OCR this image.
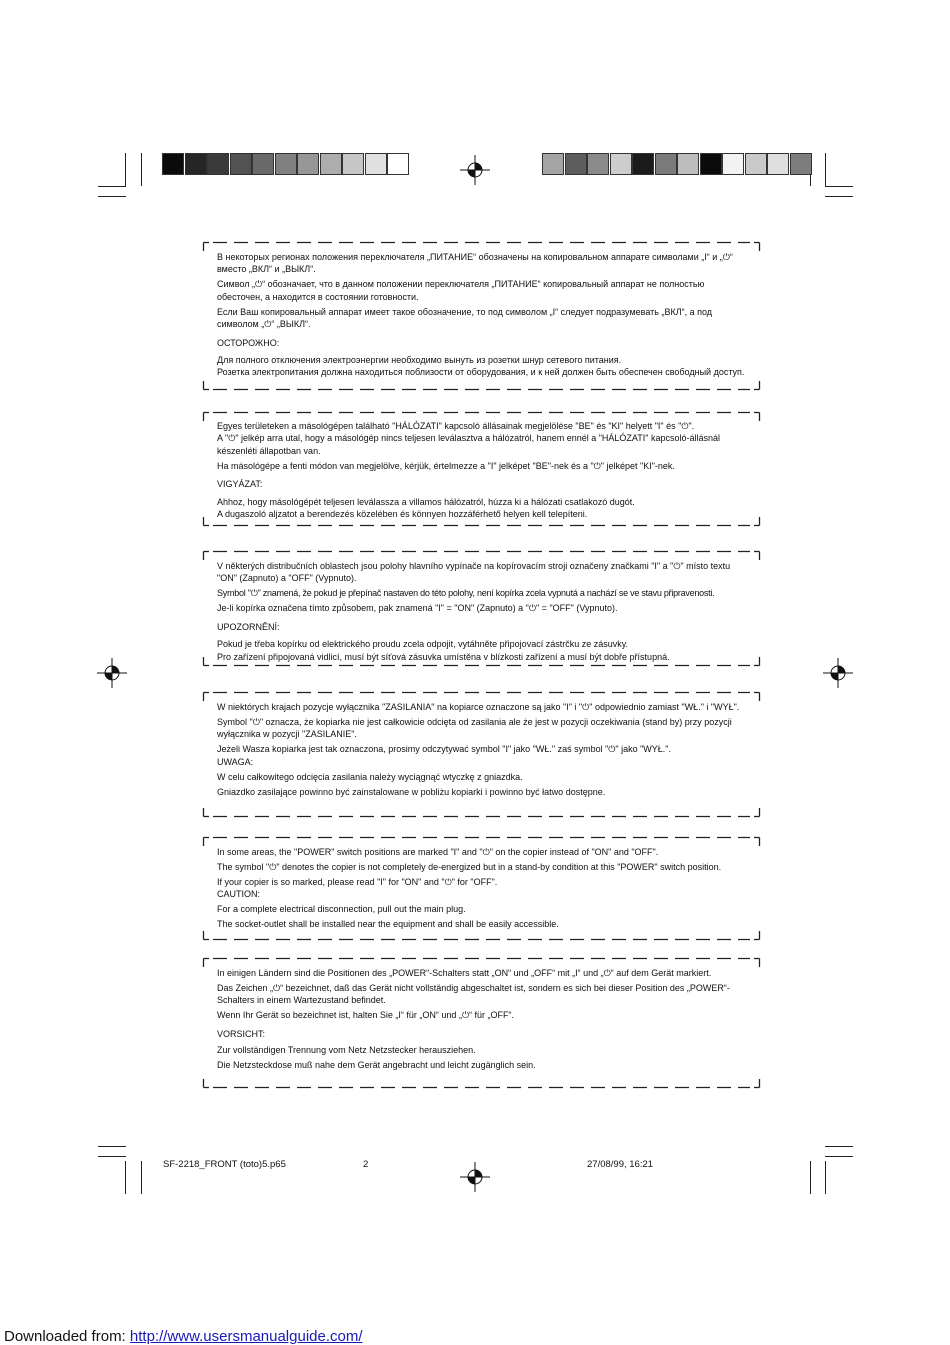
В некоторых регионах положения переключателя „ПИТАНИЕ“ обозначены на копировальном аппарате символами „I“ и „⏻“ вместо „ВКЛ“ и „ВЫКЛ“.

Символ „⏻“ обозначает, что в данном положении переключателя „ПИТАНИЕ“ копировальный аппарат не полностью обесточен, а находится в состоянии готовности.

Если Ваш копировальный аппарат имеет такое обозначение, то под символом „I“ следует подразумевать „ВКЛ“, а под символом „⏻“ „ВЫКЛ“.

ОСТОРОЖНО:

Для полного отключения электроэнергии необходимо вынуть из розетки шнур сетевого питания.
Розетка электропитания должна находиться поблизости от оборудования, и к ней должен быть обеспечен свободный доступ.

Egyes területeken a másológépen található "HÁLÓZATI" kapcsoló állásainak megjelölése "BE" és "KI" helyett "I" és "⏻".
A "⏻" jelkép arra utal, hogy a másológép nincs teljesen leválasztva a hálózatról, hanem ennél a "HÁLÓZATI" kapcsoló-állásnál készenléti állapotban van.

Ha másológépe a fenti módon van megjelölve, kérjük, értelmezze a "I" jelképet "BE"-nek és a "⏻" jelképet "KI"-nek.

VIGYÁZAT:

Ahhoz, hogy másológépét teljesen leválassza a villamos hálózatról, húzza ki a hálózati csatlakozó dugót.
A dugaszoló aljzatot a berendezés közelében és könnyen hozzáférhető helyen kell telepíteni.

V některých distribučních oblastech jsou polohy hlavního vypínače na kopírovacím stroji označeny značkami "I" a "⏻" místo textu "ON" (Zapnuto) a "OFF" (Vypnuto).

Symbol "⏻" znamená, že pokud je přepínač nastaven do této polohy, není kopírka zcela vypnutá a nachází se ve stavu připravenosti.

Je-li kopírka označena tímto způsobem, pak znamená "I" = "ON" (Zapnuto) a "⏻" = "OFF" (Vypnuto).

UPOZORNĚNÍ:

Pokud je třeba kopírku od elektrického proudu zcela odpojit, vytáhněte připojovací zástrčku ze zásuvky.
Pro zařízení připojovaná vidlicí, musí být síťová zásuvka umístěna v blízkosti zařízení a musí být dobře přístupná.

W niektórych krajach pozycje wyłącznika "ZASILANIA" na kopiarce oznaczone są jako "I" i "⏻" odpowiednio zamiast "WŁ." i "WYŁ".

Symbol "⏻" oznacza, że kopiarka nie jest całkowicie odcięta od zasilania ale że jest w pozycji oczekiwania (stand by) przy pozycji wyłącznika w pozycji "ZASILANIE".

Jeżeli Wasza kopiarka jest tak oznaczona, prosimy odczytywać symbol "I" jako "WŁ." zaś symbol "⏻" jako "WYŁ.".
UWAGA:

W celu całkowitego odcięcia zasilania należy wyciągnąć wtyczkę z gniazdka.

Gniazdko zasilające powinno być zainstalowane w pobliżu kopiarki i powinno być łatwo dostępne.

In some areas, the "POWER" switch positions are marked "I" and "⏻" on the copier instead of "ON" and "OFF".

The symbol "⏻" denotes the copier is not completely de-energized but in a stand-by condition at this "POWER" switch position.

If your copier is so marked, please read "I" for "ON" and "⏻" for "OFF".
CAUTION:

For a complete electrical disconnection, pull out the main plug.

The socket-outlet shall be installed near the equipment and shall be easily accessible.

In einigen Ländern sind die Positionen des „POWER“-Schalters statt „ON“ und „OFF“ mit „I“ und „⏻“ auf dem Gerät markiert.

Das Zeichen „⏻“ bezeichnet, daß das Gerät nicht vollständig abgeschaltet ist, sondern es sich bei dieser Position des „POWER“-Schalters in einem Wartezustand befindet.

Wenn Ihr Gerät so bezeichnet ist, halten Sie „I“ für „ON“ und „⏻“ für „OFF“.

VORSICHT:

Zur vollständigen Trennung vom Netz Netzstecker herausziehen.

Die Netzsteckdose muß nahe dem Gerät angebracht und leicht zugänglich sein.

SF-2218_FRONT (toto)5.p65	2	27/08/99, 16:21
Downloaded from: http://www.usersmanualguide.com/
